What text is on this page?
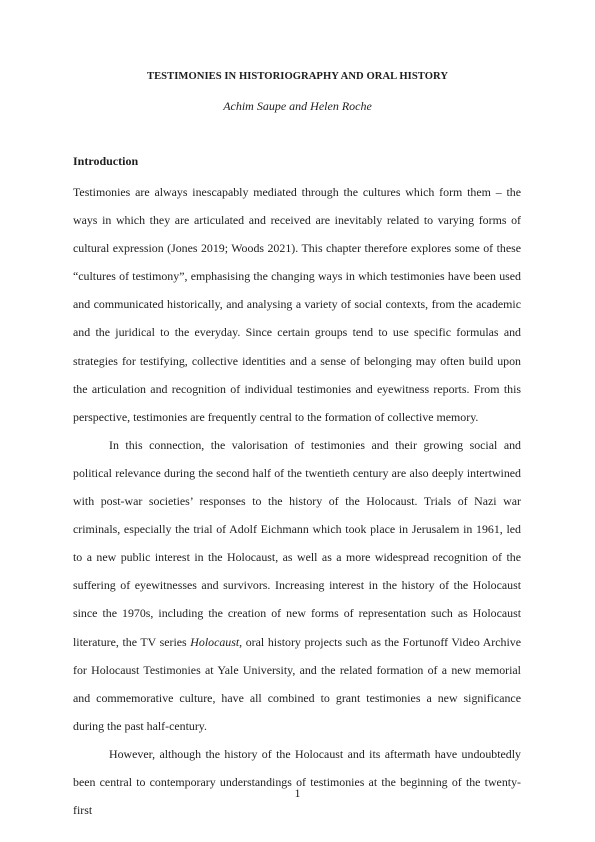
TESTIMONIES IN HISTORIOGRAPHY AND ORAL HISTORY
Achim Saupe and Helen Roche
Introduction

Testimonies are always inescapably mediated through the cultures which form them – the ways in which they are articulated and received are inevitably related to varying forms of cultural expression (Jones 2019; Woods 2021). This chapter therefore explores some of these “cultures of testimony”, emphasising the changing ways in which testimonies have been used and communicated historically, and analysing a variety of social contexts, from the academic and the juridical to the everyday. Since certain groups tend to use specific formulas and strategies for testifying, collective identities and a sense of belonging may often build upon the articulation and recognition of individual testimonies and eyewitness reports. From this perspective, testimonies are frequently central to the formation of collective memory.

In this connection, the valorisation of testimonies and their growing social and political relevance during the second half of the twentieth century are also deeply intertwined with post-war societies’ responses to the history of the Holocaust. Trials of Nazi war criminals, especially the trial of Adolf Eichmann which took place in Jerusalem in 1961, led to a new public interest in the Holocaust, as well as a more widespread recognition of the suffering of eyewitnesses and survivors. Increasing interest in the history of the Holocaust since the 1970s, including the creation of new forms of representation such as Holocaust literature, the TV series Holocaust, oral history projects such as the Fortunoff Video Archive for Holocaust Testimonies at Yale University, and the related formation of a new memorial and commemorative culture, have all combined to grant testimonies a new significance during the past half-century.

However, although the history of the Holocaust and its aftermath have undoubtedly been central to contemporary understandings of testimonies at the beginning of the twenty-first

1
